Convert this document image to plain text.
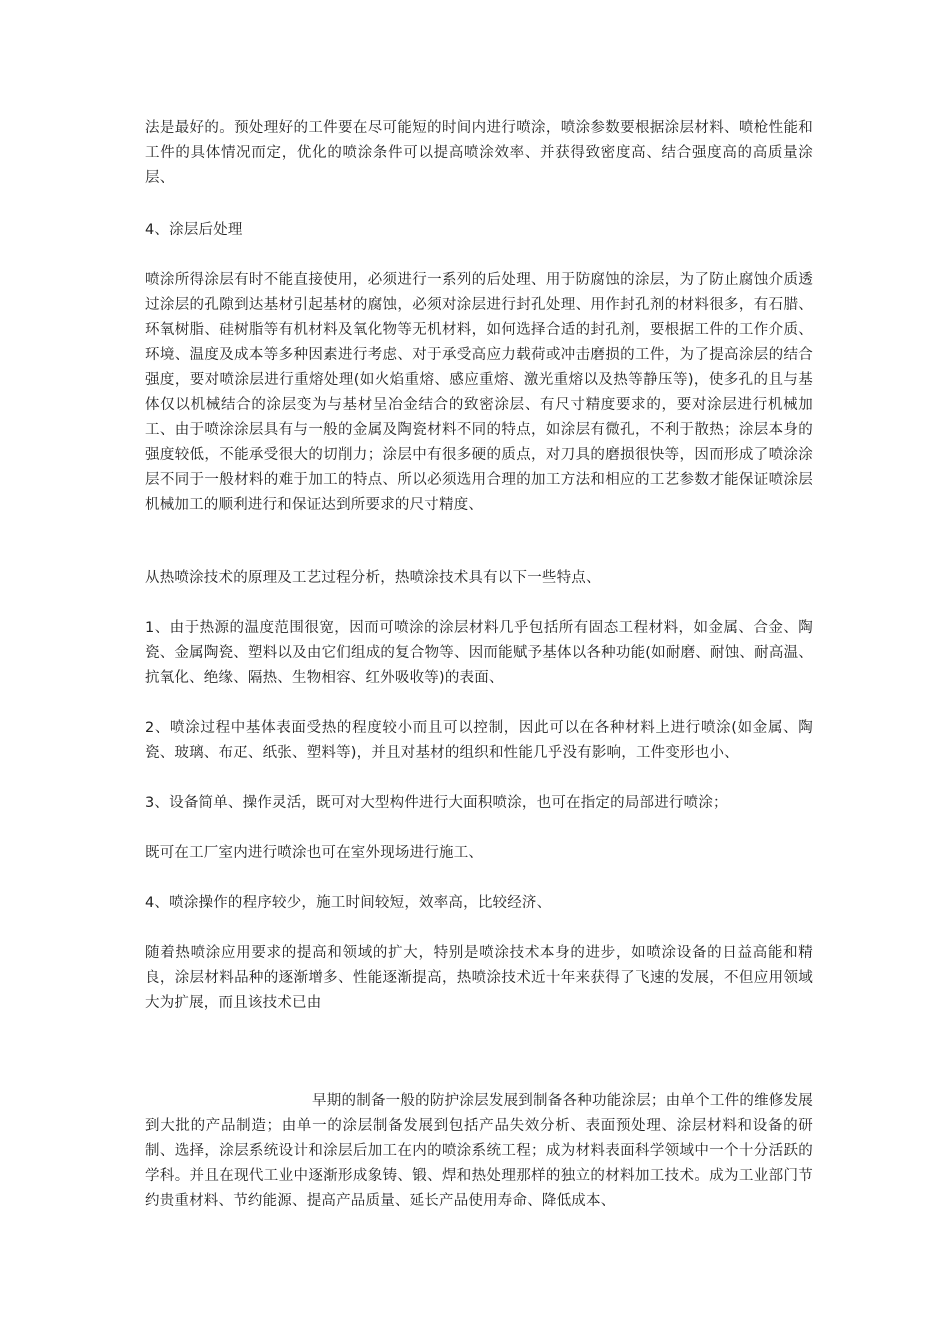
法是最好的。预处理好的工件要在尽可能短的时间内进行喷涂，喷涂参数要根据涂层材料、喷枪性能和工件的具体情况而定，优化的喷涂条件可以提高喷涂效率、并获得致密度高、结合强度高的高质量涂层、

4、涂层后处理

喷涂所得涂层有时不能直接使用，必须进行一系列的后处理、用于防腐蚀的涂层，为了防止腐蚀介质透过涂层的孔隙到达基材引起基材的腐蚀，必须对涂层进行封孔处理、用作封孔剂的材料很多，有石腊、环氧树脂、硅树脂等有机材料及氧化物等无机材料，如何选择合适的封孔剂，要根据工件的工作介质、环境、温度及成本等多种因素进行考虑、对于承受高应力载荷或冲击磨损的工件，为了提高涂层的结合强度，要对喷涂层进行重熔处理(如火焰重熔、感应重熔、激光重熔以及热等静压等)，使多孔的且与基体仅以机械结合的涂层变为与基材呈冶金结合的致密涂层、有尺寸精度要求的，要对涂层进行机械加工、由于喷涂涂层具有与一般的金属及陶瓷材料不同的特点，如涂层有微孔，不利于散热；涂层本身的强度较低，不能承受很大的切削力；涂层中有很多硬的质点，对刀具的磨损很快等，因而形成了喷涂涂层不同于一般材料的难于加工的特点、所以必须选用合理的加工方法和相应的工艺参数才能保证喷涂层机械加工的顺利进行和保证达到所要求的尺寸精度、

从热喷涂技术的原理及工艺过程分析，热喷涂技术具有以下一些特点、

1、由于热源的温度范围很宽，因而可喷涂的涂层材料几乎包括所有固态工程材料，如金属、合金、陶瓷、金属陶瓷、塑料以及由它们组成的复合物等、因而能赋予基体以各种功能(如耐磨、耐蚀、耐高温、抗氧化、绝缘、隔热、生物相容、红外吸收等)的表面、

2、喷涂过程中基体表面受热的程度较小而且可以控制，因此可以在各种材料上进行喷涂(如金属、陶瓷、玻璃、布疋、纸张、塑料等)，并且对基材的组织和性能几乎没有影响，工件变形也小、

3、设备简单、操作灵活，既可对大型构件进行大面积喷涂，也可在指定的局部进行喷涂；

既可在工厂室内进行喷涂也可在室外现场进行施工、

4、喷涂操作的程序较少，施工时间较短，效率高，比较经济、

随着热喷涂应用要求的提高和领域的扩大，特别是喷涂技术本身的进步，如喷涂设备的日益高能和精良，涂层材料品种的逐渐增多、性能逐渐提高，热喷涂技术近十年来获得了飞速的发展，不但应用领域大为扩展，而且该技术已由

早期的制备一般的防护涂层发展到制备各种功能涂层；由单个工件的维修发展到大批的产品制造；由单一的涂层制备发展到包括产品失效分析、表面预处理、涂层材料和设备的研制、选择，涂层系统设计和涂层后加工在内的喷涂系统工程；成为材料表面科学领域中一个十分活跃的学科。并且在现代工业中逐渐形成象铸、锻、焊和热处理那样的独立的材料加工技术。成为工业部门节约贵重材料、节约能源、提高产品质量、延长产品使用寿命、降低成本、
